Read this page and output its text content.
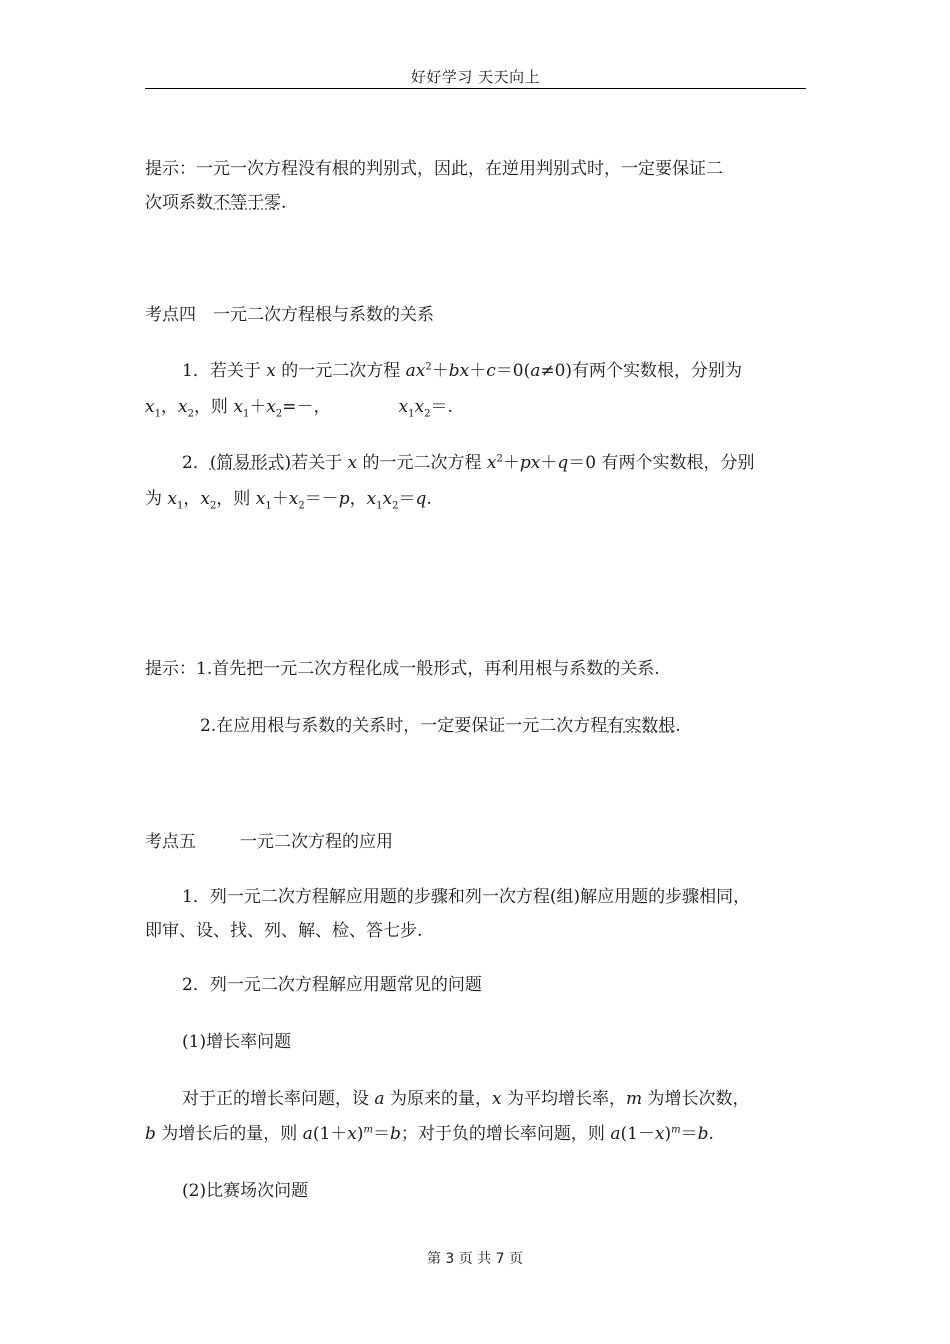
好好学习 天天向上
提示：一元一次方程没有根的判别式，因此，在逆用判别式时，一定要保证二
次项系数不等于零.
考点四　一元二次方程根与系数的关系
1．若关于 x 的一元二次方程 $ax^2+bx+c=0(a\ne 0)$有两个实数根，分别为
$x_1$，$x_2$，则 $x_1+x_2=-$，	$x_1x_2=$.
2．(简易形式)若关于 x 的一元二次方程 $x^2+px+q=0$ 有两个实数根，分别
为 $x_1$，$x_2$，则 $x_1+x_2=-p$，$x_1x_2=q$.
提示：1.首先把一元二次方程化成一般形式，再利用根与系数的关系.
2.在应用根与系数的关系时，一定要保证一元二次方程有实数根.
考点五	一元二次方程的应用
1．列一元二次方程解应用题的步骤和列一次方程(组)解应用题的步骤相同，
即审、设、找、列、解、检、答七步.
2．列一元二次方程解应用题常见的问题
(1)增长率问题
对于正的增长率问题，设 a 为原来的量，x 为平均增长率，m 为增长次数，
b 为增长后的量，则 $a(1+x)^m=b$；对于负的增长率问题，则 $a(1-x)^m=b$.
(2)比赛场次问题
第 3 页 共 7 页
